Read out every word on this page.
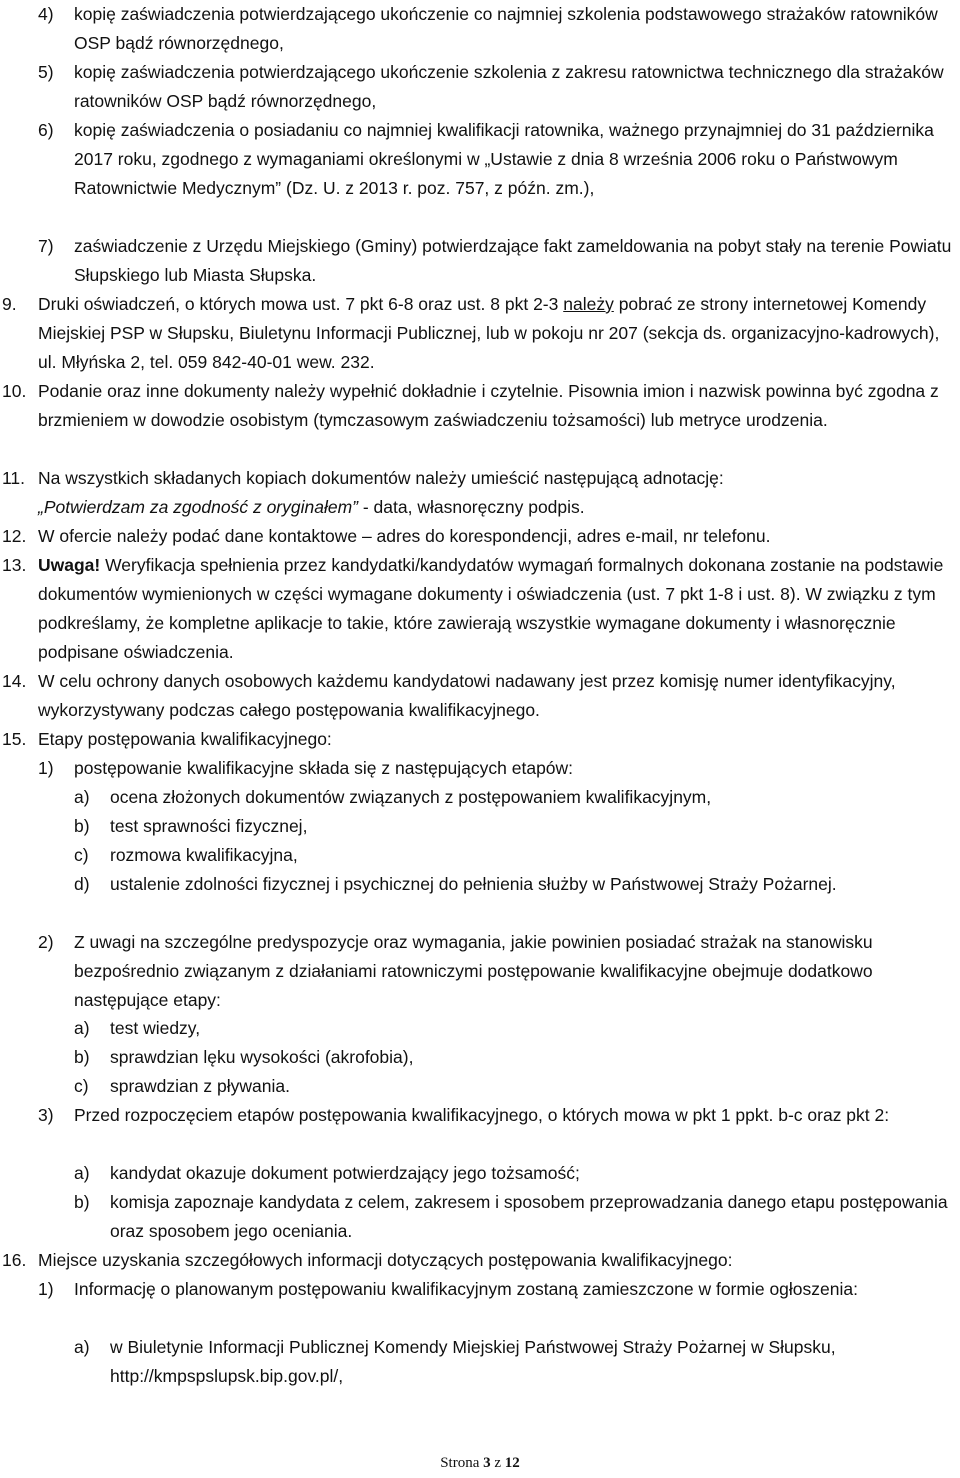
4)	kopię zaświadczenia potwierdzającego ukończenie co najmniej szkolenia podstawowego strażaków ratowników OSP bądź równorzędnego,
5)	kopię zaświadczenia potwierdzającego ukończenie szkolenia z zakresu ratownictwa technicznego dla strażaków ratowników OSP bądź równorzędnego,
6)	kopię zaświadczenia o posiadaniu co najmniej kwalifikacji ratownika, ważnego przynajmniej do 31 października 2017 roku, zgodnego z wymaganiami określonymi w „Ustawie z dnia 8 września 2006 roku o Państwowym Ratownictwie Medycznym” (Dz. U. z 2013 r. poz. 757, z późn. zm.),
7)	zaświadczenie z Urzędu Miejskiego (Gminy) potwierdzające fakt zameldowania na pobyt stały na terenie Powiatu Słupskiego lub Miasta Słupska.
9.	Druki oświadczeń, o których mowa ust. 7 pkt 6-8 oraz ust. 8 pkt 2-3 należy pobrać ze strony internetowej Komendy Miejskiej PSP w Słupsku, Biuletynu Informacji Publicznej, lub w pokoju nr 207 (sekcja ds. organizacyjno-kadrowych), ul. Młyńska 2, tel. 059 842-40-01 wew. 232.
10. Podanie oraz inne dokumenty należy wypełnić dokładnie i czytelnie. Pisownia imion i nazwisk powinna być zgodna z brzmieniem w dowodzie osobistym (tymczasowym zaświadczeniu tożsamości) lub metryce urodzenia.
11. Na wszystkich składanych kopiach dokumentów należy umieścić następującą adnotację:
„Potwierdzam za zgodność z oryginałem” - data, własnoręczny podpis.
12. W ofercie należy podać dane kontaktowe – adres do korespondencji, adres e-mail, nr telefonu.
13. Uwaga! Weryfikacja spełnienia przez kandydatki/kandydatów wymagań formalnych dokonana zostanie na podstawie dokumentów wymienionych w części wymagane dokumenty i oświadczenia (ust. 7 pkt 1-8 i ust. 8). W związku z tym podkreślamy, że kompletne aplikacje to takie, które zawierają wszystkie wymagane dokumenty i własnoręcznie podpisane oświadczenia.
14. W celu ochrony danych osobowych każdemu kandydatowi nadawany jest przez komisję numer identyfikacyjny, wykorzystywany podczas całego postępowania kwalifikacyjnego.
15. Etapy postępowania kwalifikacyjnego:
1)	postępowanie kwalifikacyjne składa się z następujących etapów:
a)	ocena złożonych dokumentów związanych z postępowaniem kwalifikacyjnym,
b)	test sprawności fizycznej,
c)	rozmowa kwalifikacyjna,
d)	ustalenie zdolności fizycznej i psychicznej do pełnienia służby w Państwowej Straży Pożarnej.
2)	Z uwagi na szczególne predyspozycje oraz wymagania, jakie powinien posiadać strażak na stanowisku bezpośrednio związanym z działaniami ratowniczymi postępowanie kwalifikacyjne obejmuje dodatkowo następujące etapy:
a)	test wiedzy,
b)	sprawdzian lęku wysokości (akrofobia),
c)	sprawdzian z pływania.
3)	Przed rozpoczęciem etapów postępowania kwalifikacyjnego, o których mowa w pkt 1 ppkt. b-c oraz pkt 2:
a)	kandydat okazuje dokument potwierdzający jego tożsamość;
b)	komisja zapoznaje kandydata z celem, zakresem i sposobem przeprowadzania danego etapu postępowania oraz sposobem jego oceniania.
16. Miejsce uzyskania szczegółowych informacji dotyczących postępowania kwalifikacyjnego:
1)	Informację o planowanym postępowaniu kwalifikacyjnym zostaną zamieszczone w formie ogłoszenia:
a)	w Biuletynie Informacji Publicznej Komendy Miejskiej Państwowej Straży Pożarnej w Słupsku, http://kmpspslupsk.bip.gov.pl/,
Strona 3 z 12
